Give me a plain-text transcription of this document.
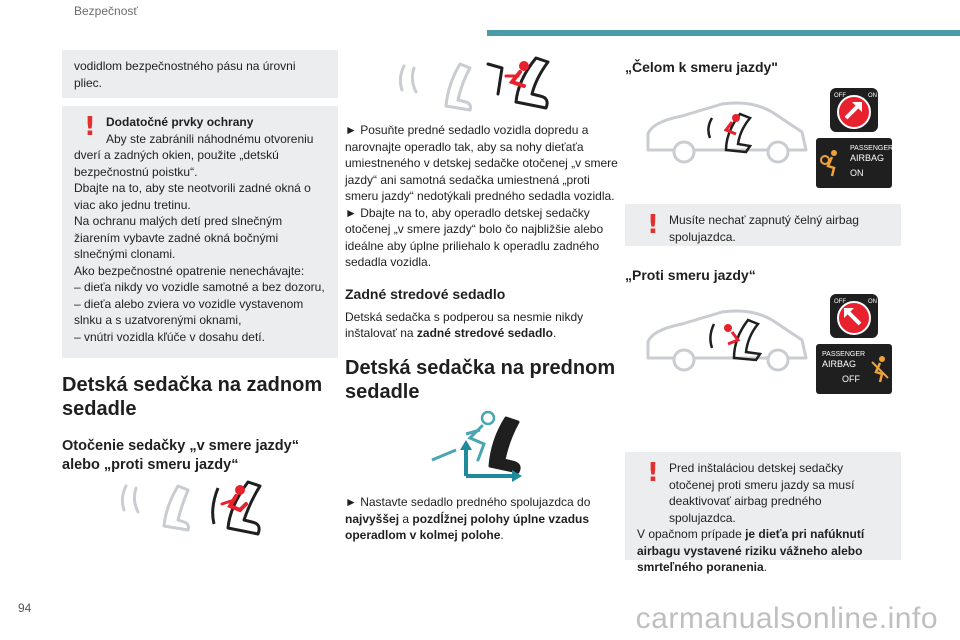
Bezpečnosť

vodidlom bezpečnostného pásu na úrovni pliec.

! Dodatočné prvky ochrany

Aby ste zabránili náhodnému otvoreniu dverí a zadných okien, použite „detskú bezpečnostnú poistku“.

Dbajte na to, aby ste neotvorili zadné okná o viac ako jednu tretinu.

Na ochranu malých detí pred slnečným žiarením vybavte zadné okná bočnými slnečnými clonami.

Ako bezpečnostné opatrenie nenechávajte:

– dieťa nikdy vo vozidle samotné a bez dozoru,

– dieťa alebo zviera vo vozidle vystavenom slnku a s uzatvorenými oknami,

– vnútri vozidla kľúče v dosahu detí.

Detská sedačka na zadnom sedadle
Otočenie sedačky „v smere jazdy“ alebo „proti smeru jazdy“

► Posuňte predné sedadlo vozidla dopredu a narovnajte operadlo tak, aby sa nohy dieťaťa umiestneného v detskej sedačke otočenej „v smere jazdy“ ani samotná sedačka umiestnená „proti smeru jazdy“ nedotýkali predného sedadla vozidla.

► Dbajte na to, aby operadlo detskej sedačky otočenej „v smere jazdy“ bolo čo najbližšie alebo ideálne aby úplne priliehalo k operadlu zadného sedadla vozidla.

Zadné stredové sedadlo

Detská sedačka s podperou sa nesmie nikdy inštalovať na zadné stredové sedadlo.

Detská sedačka na prednom sedadle

► Nastavte sedadlo predného spolujazdca do najvyššej a pozdĺžnej polohy úplne vzadus operadlom v kolmej polohe.

„Čelom k smeru jazdy"
OFF	ON
PASSENGER
AIRBAG
ON
! Musíte nechať zapnutý čelný airbag spolujazdca.

„Proti smeru jazdy“
OFF	ON
PASSENGER
AIRBAG
OFF
! Pred inštaláciou detskej sedačky otočenej proti smeru jazdy sa musí deaktivovať airbag predného spolujazdca.

V opačnom prípade je dieťa pri nafúknutí airbagu vystavené riziku vážneho alebo smrteľného poranenia.

94	carmanualsonline.info
